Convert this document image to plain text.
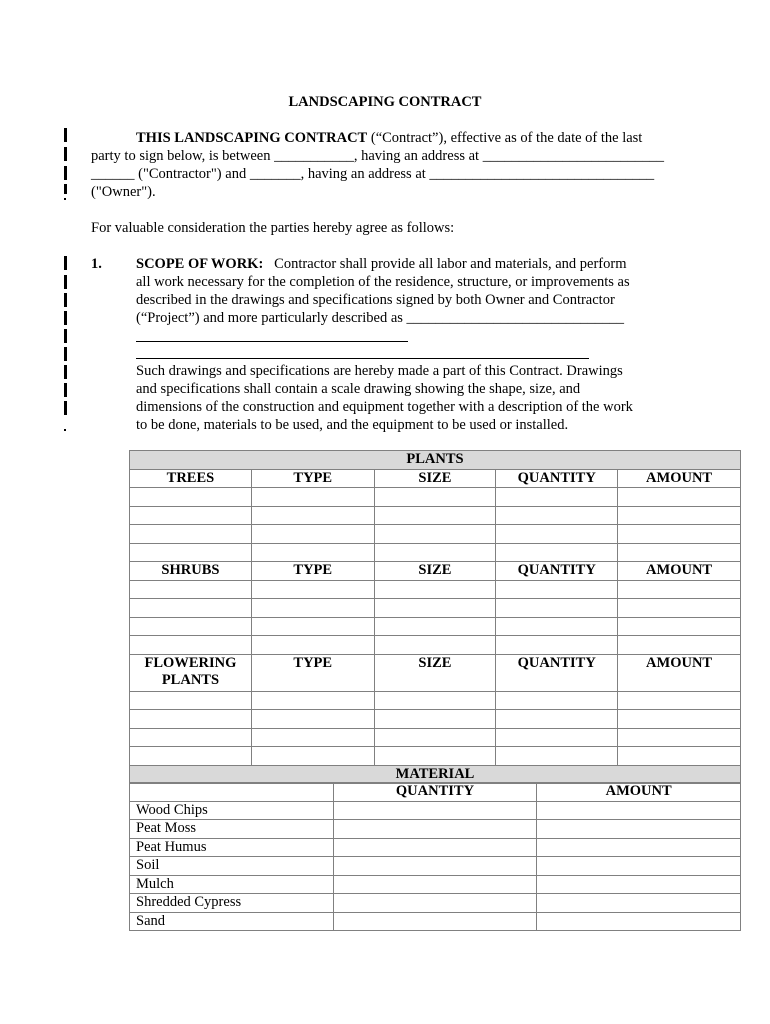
LANDSCAPING CONTRACT
THIS LANDSCAPING CONTRACT (“Contract”), effective as of the date of the last
party to sign below, is between ___________, having an address at _________________________
______ ("Contractor") and _______, having an address at _______________________________
("Owner").
For valuable consideration the parties hereby agree as follows:
1. SCOPE OF WORK: Contractor shall provide all labor and materials, and perform
all work necessary for the completion of the residence, structure, or improvements as
described in the drawings and specifications signed by both Owner and Contractor
(“Project”) and more particularly described as ______________________________
Such drawings and specifications are hereby made a part of this Contract. Drawings
and specifications shall contain a scale drawing showing the shape, size, and
dimensions of the construction and equipment together with a description of the work
to be done, materials to be used, and the equipment to be used or installed.
PLANTS				
TREES	TYPE	SIZE	QUANTITY	AMOUNT

SHRUBS	TYPE	SIZE	QUANTITY	AMOUNT

FLOWERING PLANTS	TYPE	SIZE	QUANTITY	AMOUNT

MATERIAL				
	QUANTITY	AMOUNT
Wood Chips		
Peat Moss		
Peat Humus		
Soil		
Mulch		
Shredded Cypress		
Sand		
